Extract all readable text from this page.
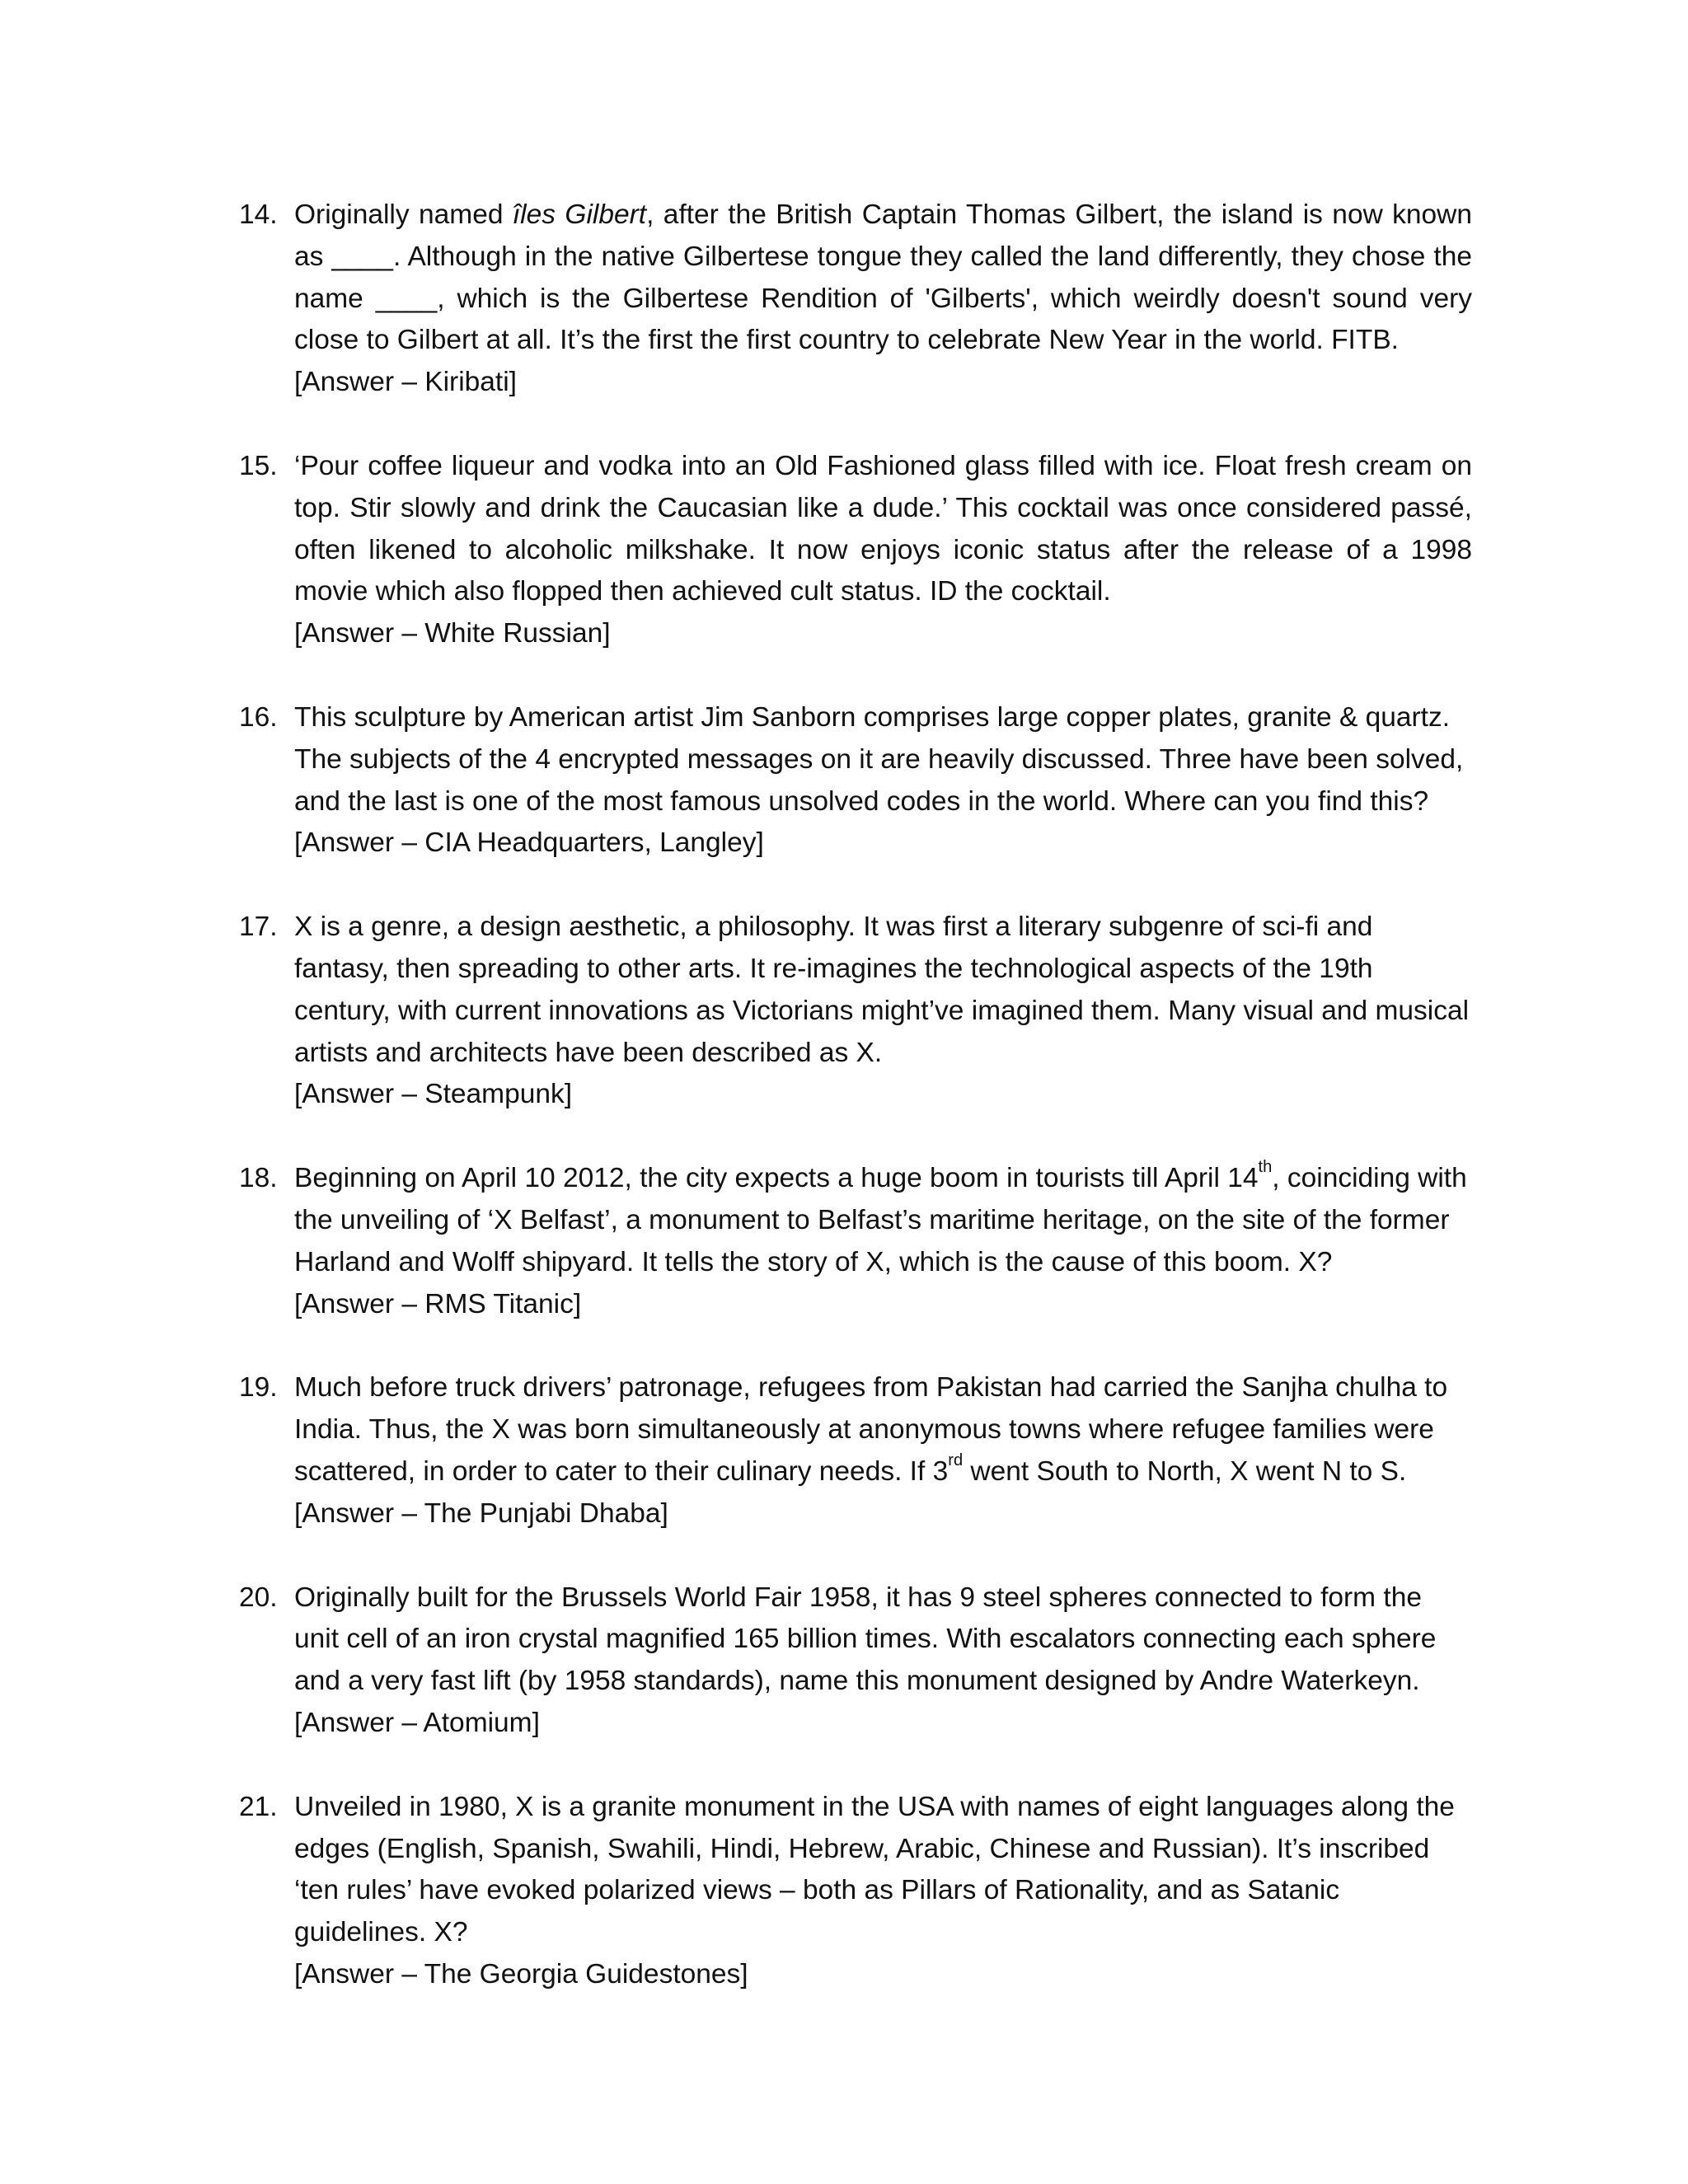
14. Originally named îles Gilbert, after the British Captain Thomas Gilbert, the island is now known as ____. Although in the native Gilbertese tongue they called the land differently, they chose the name ____, which is the Gilbertese Rendition of 'Gilberts', which weirdly doesn't sound very close to Gilbert at all. It’s the first the first country to celebrate New Year in the world. FITB.
[Answer – Kiribati]
15. ‘Pour coffee liqueur and vodka into an Old Fashioned glass filled with ice. Float fresh cream on top. Stir slowly and drink the Caucasian like a dude.’ This cocktail was once considered passé, often likened to alcoholic milkshake. It now enjoys iconic status after the release of a 1998 movie which also flopped then achieved cult status. ID the cocktail.
[Answer – White Russian]
16. This sculpture by American artist Jim Sanborn comprises large copper plates, granite & quartz. The subjects of the 4 encrypted messages on it are heavily discussed. Three have been solved, and the last is one of the most famous unsolved codes in the world. Where can you find this?
[Answer – CIA Headquarters, Langley]
17. X is a genre, a design aesthetic, a philosophy. It was first a literary subgenre of sci-fi and fantasy, then spreading to other arts. It re-imagines the technological aspects of the 19th century, with current innovations as Victorians might’ve imagined them. Many visual and musical artists and architects have been described as X.
[Answer – Steampunk]
18. Beginning on April 10 2012, the city expects a huge boom in tourists till April 14th, coinciding with the unveiling of ‘X Belfast’, a monument to Belfast’s maritime heritage, on the site of the former Harland and Wolff shipyard. It tells the story of X, which is the cause of this boom. X?
[Answer – RMS Titanic]
19. Much before truck drivers’ patronage, refugees from Pakistan had carried the Sanjha chulha to India. Thus, the X was born simultaneously at anonymous towns where refugee families were scattered, in order to cater to their culinary needs. If 3rd went South to North, X went N to S.
[Answer – The Punjabi Dhaba]
20. Originally built for the Brussels World Fair 1958, it has 9 steel spheres connected to form the unit cell of an iron crystal magnified 165 billion times. With escalators connecting each sphere and a very fast lift (by 1958 standards), name this monument designed by Andre Waterkeyn.
[Answer – Atomium]
21. Unveiled in 1980, X is a granite monument in the USA with names of eight languages along the edges (English, Spanish, Swahili, Hindi, Hebrew, Arabic, Chinese and Russian). It’s inscribed ‘ten rules’ have evoked polarized views – both as Pillars of Rationality, and as Satanic guidelines. X?
[Answer – The Georgia Guidestones]
